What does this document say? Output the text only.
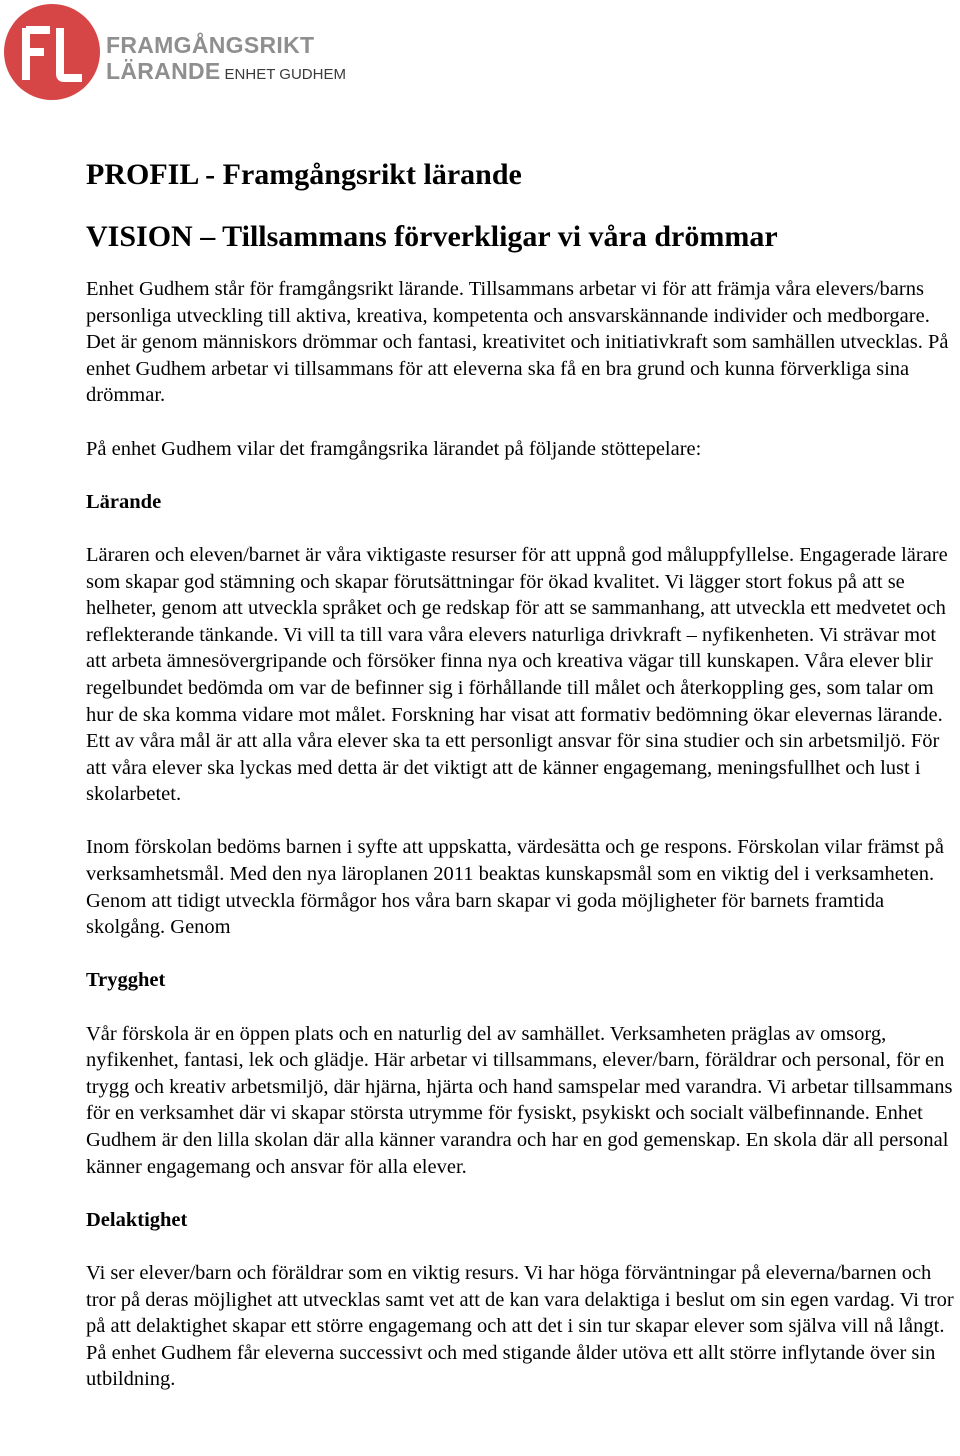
FRAMGÅNGSRIKT
LÄRANDE ENHET GUDHEM
PROFIL - Framgångsrikt lärande
VISION – Tillsammans förverkligar vi våra drömmar

Enhet Gudhem står för framgångsrikt lärande. Tillsammans arbetar vi för att främja våra elevers/barns personliga utveckling till aktiva, kreativa, kompetenta och ansvarskännande individer och medborgare. Det är genom människors drömmar och fantasi, kreativitet och initiativkraft som samhällen utvecklas. På enhet Gudhem arbetar vi tillsammans för att eleverna ska få en bra grund och kunna förverkliga sina drömmar.

På enhet Gudhem vilar det framgångsrika lärandet på följande stöttepelare:

Lärande

Läraren och eleven/barnet är våra viktigaste resurser för att uppnå god måluppfyllelse. Engagerade lärare som skapar god stämning och skapar förutsättningar för ökad kvalitet. Vi lägger stort fokus på att se helheter, genom att utveckla språket och ge redskap för att se sammanhang, att utveckla ett medvetet och reflekterande tänkande. Vi vill ta till vara våra elevers naturliga drivkraft – nyfikenheten. Vi strävar mot att arbeta ämnesövergripande och försöker finna nya och kreativa vägar till kunskapen. Våra elever blir regelbundet bedömda om var de befinner sig i förhållande till målet och återkoppling ges, som talar om hur de ska komma vidare mot målet. Forskning har visat att formativ bedömning ökar elevernas lärande. Ett av våra mål är att alla våra elever ska ta ett personligt ansvar för sina studier och sin arbetsmiljö. För att våra elever ska lyckas med detta är det viktigt att de känner engagemang, meningsfullhet och lust i skolarbetet.

Inom förskolan bedöms barnen i syfte att uppskatta, värdesätta och ge respons. Förskolan vilar främst på verksamhetsmål. Med den nya läroplanen 2011 beaktas kunskapsmål som en viktig del i verksamheten. Genom att tidigt utveckla förmågor hos våra barn skapar vi goda möjligheter för barnets framtida skolgång. Genom

Trygghet

Vår förskola är en öppen plats och en naturlig del av samhället. Verksamheten präglas av omsorg, nyfikenhet, fantasi, lek och glädje. Här arbetar vi tillsammans, elever/barn, föräldrar och personal, för en trygg och kreativ arbetsmiljö, där hjärna, hjärta och hand samspelar med varandra. Vi arbetar tillsammans för en verksamhet där vi skapar största utrymme för fysiskt, psykiskt och socialt välbefinnande. Enhet Gudhem är den lilla skolan där alla känner varandra och har en god gemenskap. En skola där all personal känner engagemang och ansvar för alla elever.

Delaktighet

Vi ser elever/barn och föräldrar som en viktig resurs. Vi har höga förväntningar på eleverna/barnen och tror på deras möjlighet att utvecklas samt vet att de kan vara delaktiga i beslut om sin egen vardag. Vi tror på att delaktighet skapar ett större engagemang och att det i sin tur skapar elever som själva vill nå långt. På enhet Gudhem får eleverna successivt och med stigande ålder utöva ett allt större inflytande över sin utbildning.
